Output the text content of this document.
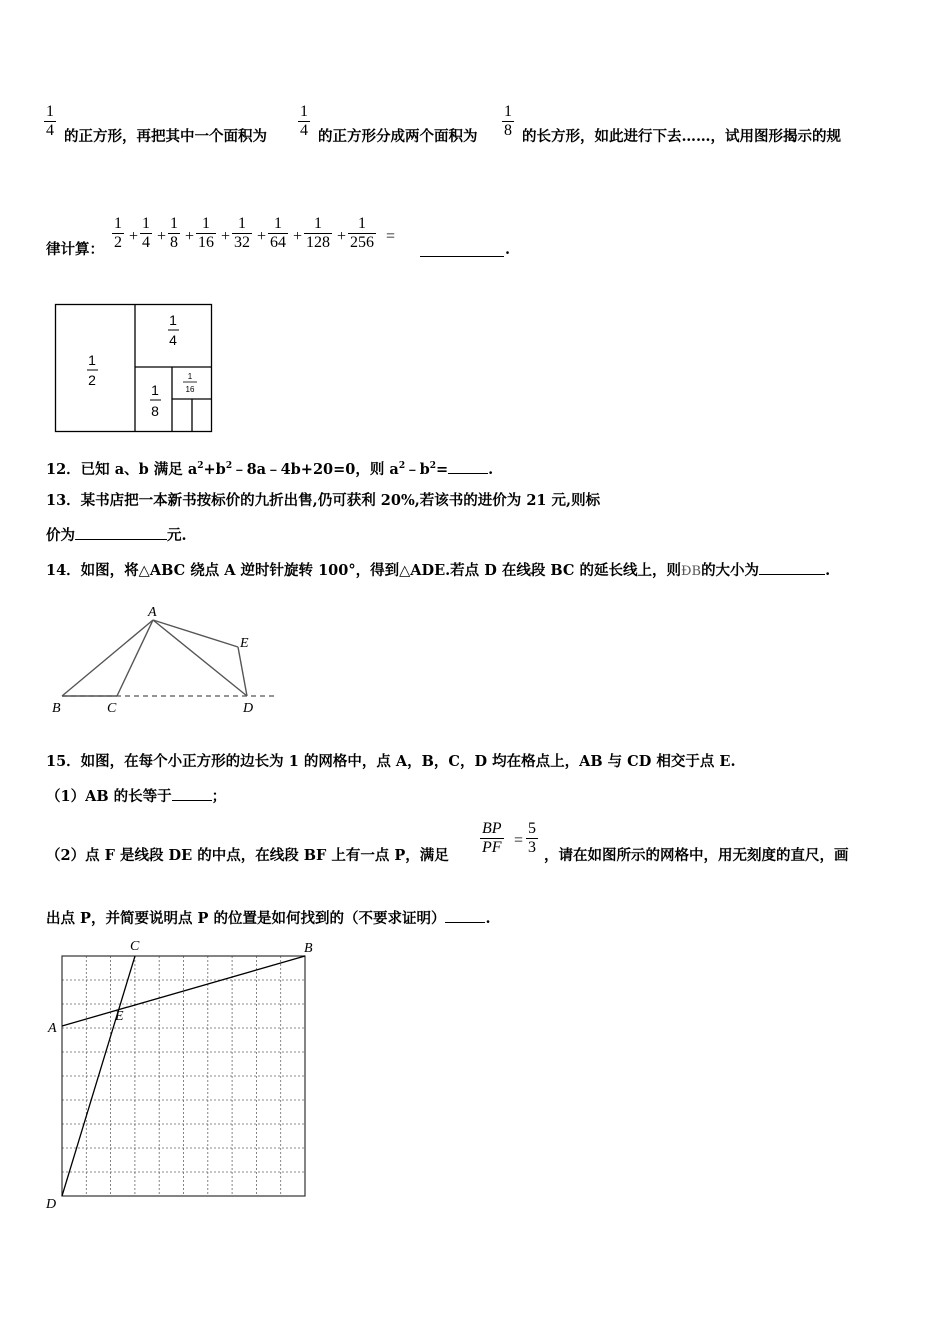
1
4 的正方形，再把其中一个面积为
1
4 的正方形分成两个面积为
1
8 的长方形，如此进行下去……，试用图形揭示的规
律计算：
1
2 +
1
4 +
1
8 +
1
16 +
1
32 +
1
64 +
1
128 +
1
256 =
.
1
2
1
4
1
8
1
16
12．已知 a、b 满足 $a^2+b^2﹣8a﹣4b+20=0$，则 $a^2﹣b^2=$	.
13．某书店把一本新书按标价的九折出售,仍可获利 20%,若该书的进价为 21 元,则标
价为	元.
14．如图，将△ABC 绕点 A 逆时针旋转 100°，得到△ADE.若点 D 在线段 BC 的延长线上，则ÐB的大小为	.
A
B	C	D
E
15．如图，在每个小正方形的边长为 1 的网格中，点 A，B，C，D 均在格点上，AB 与 CD 相交于点 E.
（1）AB 的长等于	；
（2）点 F 是线段 DE 的中点，在线段 BF 上有一点 P，满足
BP
PF =
5
3 ，请在如图所示的网格中，用无刻度的直尺，画
出点 P，并简要说明点 P 的位置是如何找到的（不要求证明）	.
A
B
C
D
E
